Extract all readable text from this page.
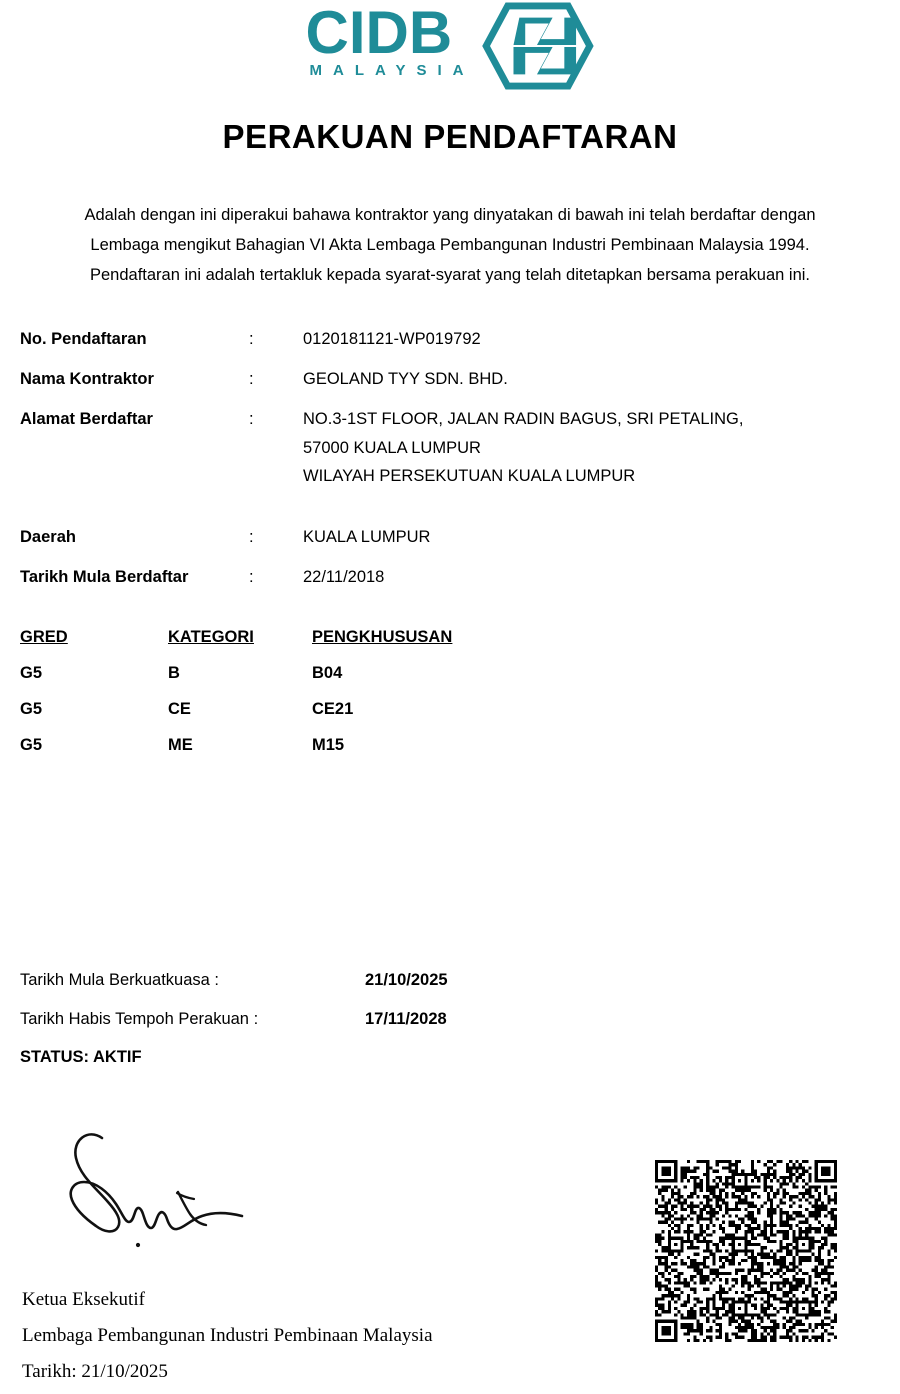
CIDB
MALAYSIA
PERAKUAN PENDAFTARAN
Adalah dengan ini diperakui bahawa kontraktor yang dinyatakan di bawah ini telah berdaftar dengan
Lembaga mengikut Bahagian VI Akta Lembaga Pembangunan Industri Pembinaan Malaysia 1994.
Pendaftaran ini adalah tertakluk kepada syarat-syarat yang telah ditetapkan bersama perakuan ini.
No. Pendaftaran	:	0120181121-WP019792
Nama Kontraktor	:	GEOLAND TYY SDN. BHD.
Alamat Berdaftar	:	NO.3-1ST FLOOR, JALAN RADIN BAGUS, SRI PETALING,
57000 KUALA LUMPUR
WILAYAH PERSEKUTUAN KUALA LUMPUR
Daerah	:	KUALA LUMPUR
Tarikh Mula Berdaftar	:	22/11/2018
GRED	KATEGORI	PENGKHUSUSAN
G5	B	B04
G5	CE	CE21
G5	ME	M15
Tarikh Mula Berkuatkuasa :	21/10/2025
Tarikh Habis Tempoh Perakuan :	17/11/2028
STATUS: AKTIF
Ketua Eksekutif
Lembaga Pembangunan Industri Pembinaan Malaysia
Tarikh: 21/10/2025
